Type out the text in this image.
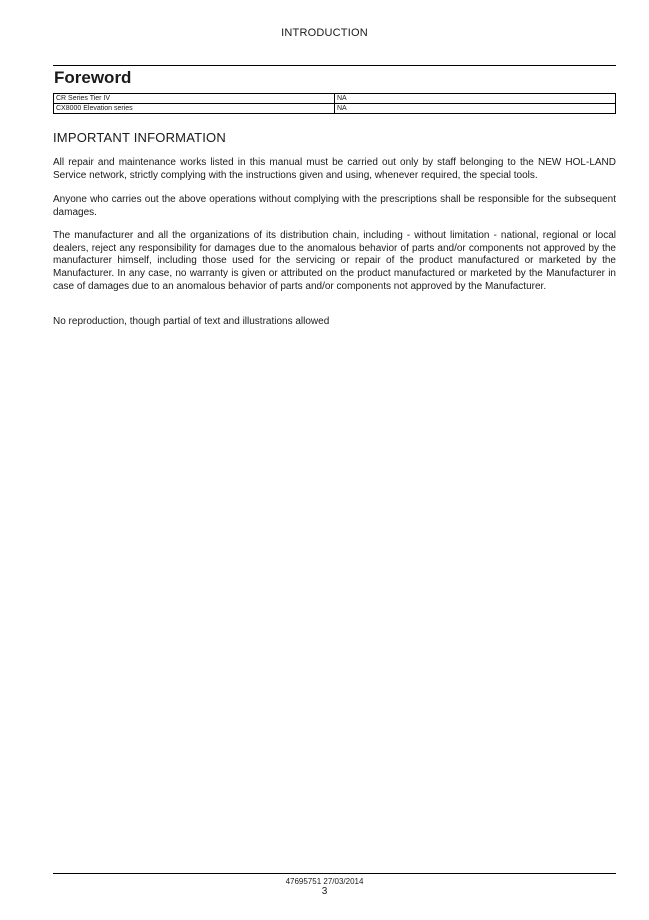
INTRODUCTION
Foreword
CR Series Tier IV	NA
CX8000 Elevation series	NA
IMPORTANT INFORMATION

All repair and maintenance works listed in this manual must be carried out only by staff belonging to the NEW HOL-LAND Service network, strictly complying with the instructions given and using, whenever required, the special tools.

Anyone who carries out the above operations without complying with the prescriptions shall be responsible for the subsequent damages.

The manufacturer and all the organizations of its distribution chain, including - without limitation - national, regional or local dealers, reject any responsibility for damages due to the anomalous behavior of parts and/or components not approved by the manufacturer himself, including those used for the servicing or repair of the product manufactured or marketed by the Manufacturer. In any case, no warranty is given or attributed on the product manufactured or marketed by the Manufacturer in case of damages due to an anomalous behavior of parts and/or components not approved by the Manufacturer.

No reproduction, though partial of text and illustrations allowed

47695751 27/03/2014
3
